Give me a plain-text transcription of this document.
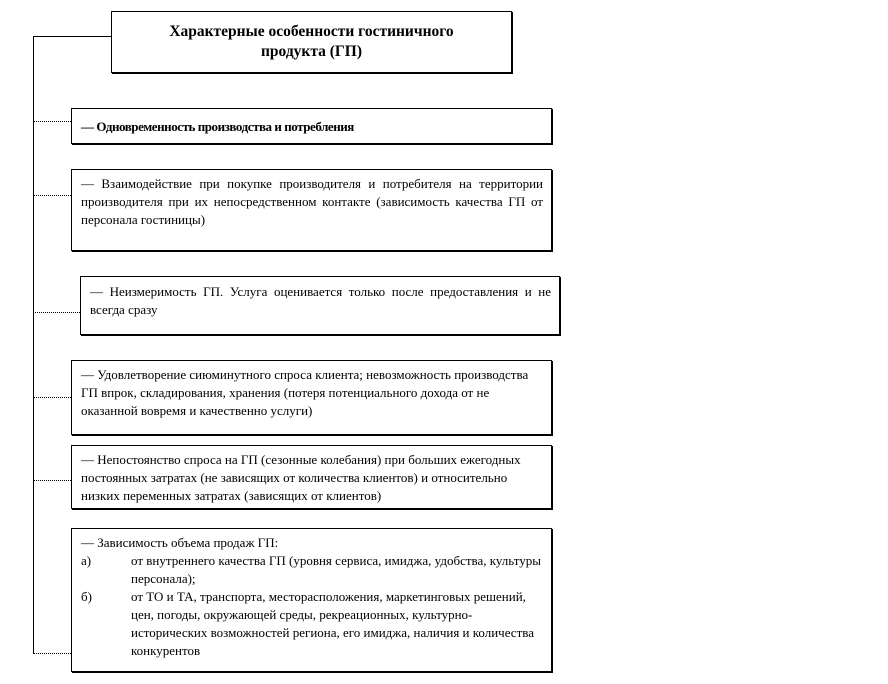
Характерные особенности гостиничного продукта (ГП)
— Одновременность производства и потребления
— Взаимодействие при покупке производителя и потребителя на территории производителя при их непосредственном контакте (зависимость качества ГП от персонала гостиницы)
— Неизмеримость ГП. Услуга оценивается только после предоставления и не всегда сразу
— Удовлетворение сиюминутного спроса клиента; невозможность производства ГП впрок, складирования, хранения (потеря потенциального дохода от не оказанной вовремя и качественно услуги)
— Непостоянство спроса на ГП (сезонные колебания) при больших ежегодных постоянных затратах (не зависящих от количества клиентов) и относительно низких переменных затратах (зависящих от клиентов)
— Зависимость объема продаж ГП:
а)	от внутреннего качества ГП (уровня сервиса, имиджа, удобства, культуры персонала);
б)	от ТО и ТА, транспорта, месторасположения, маркетинговых решений, цен, погоды, окружающей среды, рекреационных, культурно-исторических возможностей региона, его имиджа, наличия и количества конкурентов
